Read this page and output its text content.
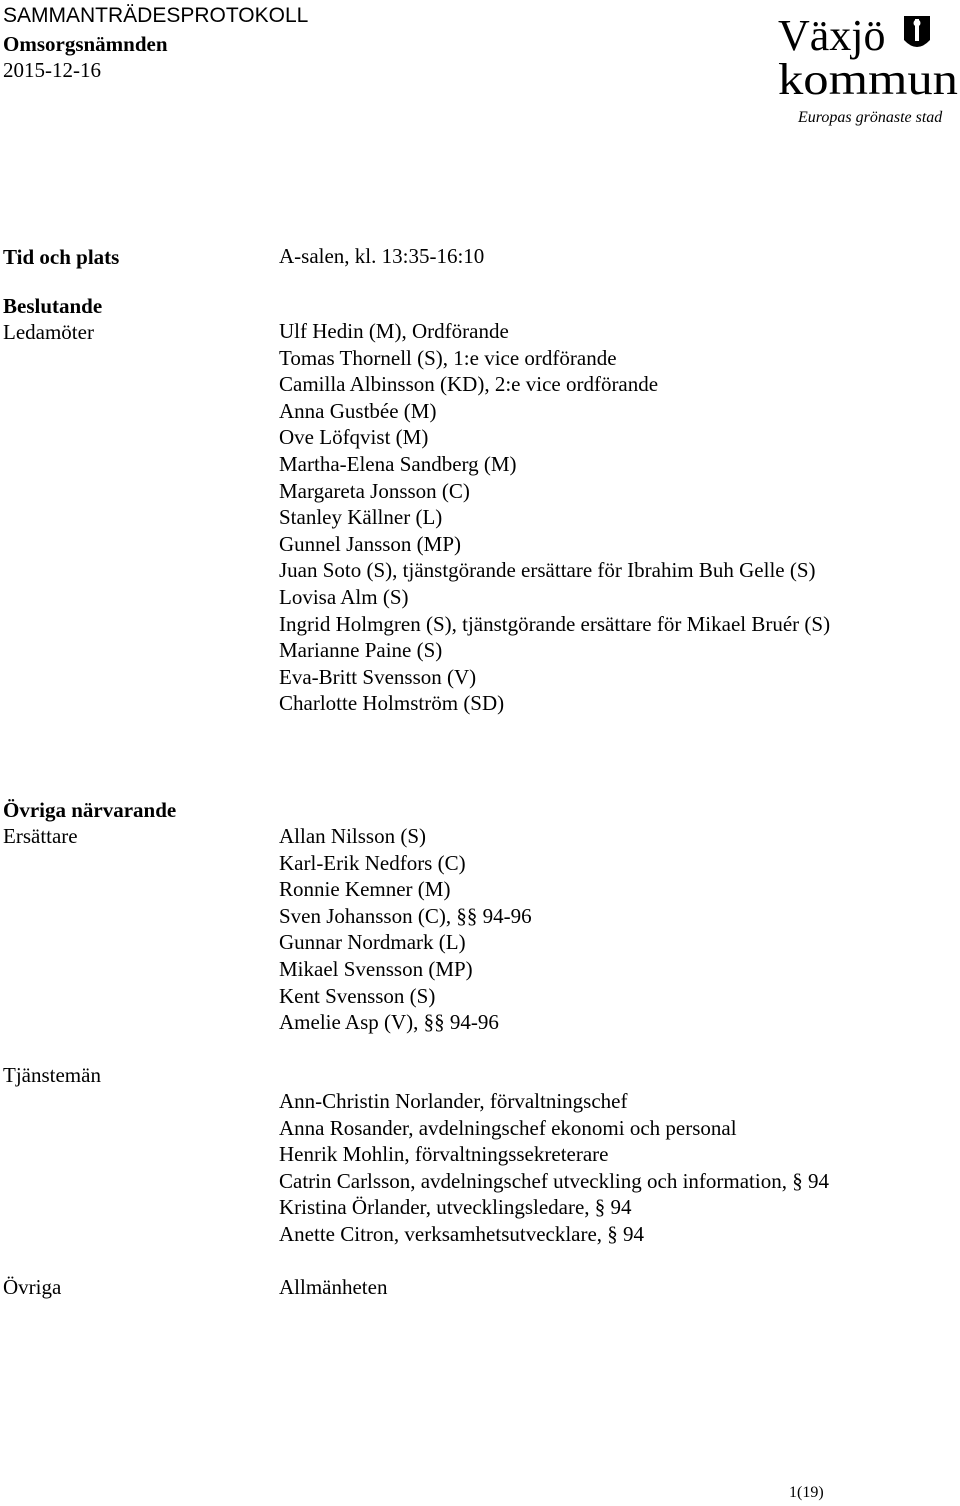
SAMMANTRÄDESPROTOKOLL
Omsorgsnämnden
2015-12-16
Växjö
kommun
Europas grönaste stad
Tid och plats	A-salen, kl. 13:35-16:10
Beslutande
Ledamöter	Ulf Hedin (M), Ordförande
Tomas Thornell (S), 1:e vice ordförande
Camilla Albinsson (KD), 2:e vice ordförande
Anna Gustbée (M)
Ove Löfqvist (M)
Martha-Elena Sandberg (M)
Margareta Jonsson (C)
Stanley Källner (L)
Gunnel Jansson (MP)
Juan Soto (S), tjänstgörande ersättare för Ibrahim Buh Gelle (S)
Lovisa Alm (S)
Ingrid Holmgren (S), tjänstgörande ersättare för Mikael Bruér (S)
Marianne Paine (S)
Eva-Britt Svensson (V)
Charlotte Holmström (SD)
Övriga närvarande
Ersättare	Allan Nilsson (S)
Karl-Erik Nedfors (C)
Ronnie Kemner (M)
Sven Johansson (C), §§ 94-96
Gunnar Nordmark (L)
Mikael Svensson (MP)
Kent Svensson (S)
Amelie Asp (V), §§ 94-96
Tjänstemän
Ann-Christin Norlander, förvaltningschef
Anna Rosander, avdelningschef ekonomi och personal
Henrik Mohlin, förvaltningssekreterare
Catrin Carlsson, avdelningschef utveckling och information, § 94
Kristina Örlander, utvecklingsledare, § 94
Anette Citron, verksamhetsutvecklare, § 94
Övriga	Allmänheten
1(19)
